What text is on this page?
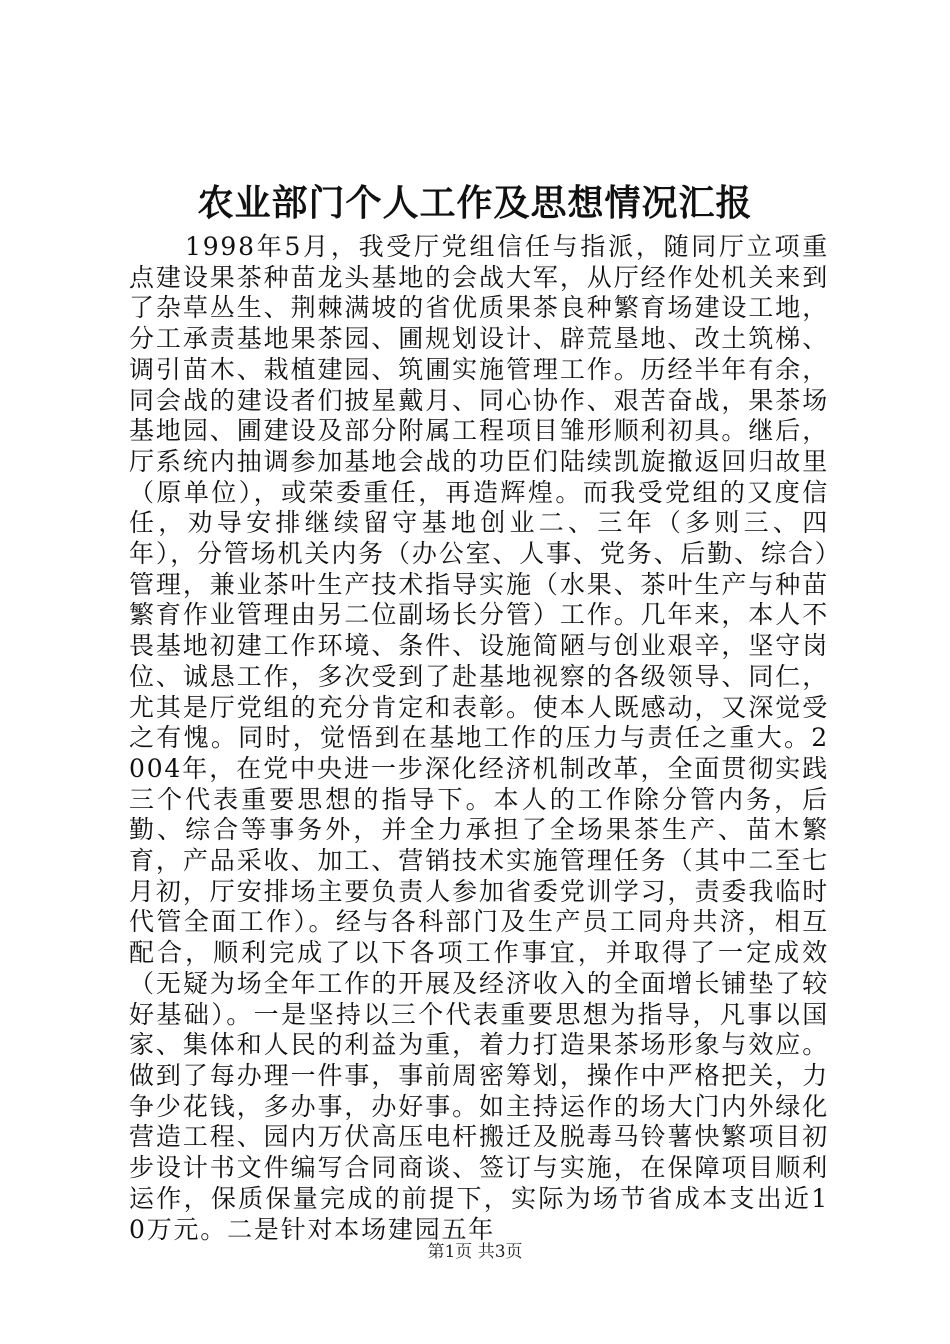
农业部门个人工作及思想情况汇报

1998年5月，我受厅党组信任与指派，随同厅立项重点建设果茶种苗龙头基地的会战大军，从厅经作处机关来到了杂草丛生、荆棘满坡的省优质果茶良种繁育场建设工地，分工承责基地果茶园、圃规划设计、辟荒垦地、改土筑梯、调引苗木、栽植建园、筑圃实施管理工作。历经半年有余，同会战的建设者们披星戴月、同心协作、艰苦奋战，果茶场基地园、圃建设及部分附属工程项目雏形顺利初具。继后，厅系统内抽调参加基地会战的功臣们陆续凯旋撤返回归故里（原单位），或荣委重任，再造辉煌。而我受党组的又度信任，劝导安排继续留守基地创业二、三年（多则三、四年），分管场机关内务（办公室、人事、党务、后勤、综合）管理，兼业茶叶生产技术指导实施（水果、茶叶生产与种苗繁育作业管理由另二位副场长分管）工作。几年来，本人不畏基地初建工作环境、条件、设施简陋与创业艰辛，坚守岗位、诚恳工作，多次受到了赴基地视察的各级领导、同仁，尤其是厅党组的充分肯定和表彰。使本人既感动，又深觉受之有愧。同时，觉悟到在基地工作的压力与责任之重大。2004年，在党中央进一步深化经济机制改革，全面贯彻实践三个代表重要思想的指导下。本人的工作除分管内务，后勤、综合等事务外，并全力承担了全场果茶生产、苗木繁育，产品采收、加工、营销技术实施管理任务（其中二至七月初，厅安排场主要负责人参加省委党训学习，责委我临时代管全面工作）。经与各科部门及生产员工同舟共济，相互配合，顺利完成了以下各项工作事宜，并取得了一定成效（无疑为场全年工作的开展及经济收入的全面增长铺垫了较好基础）。一是坚持以三个代表重要思想为指导，凡事以国家、集体和人民的利益为重，着力打造果茶场形象与效应。做到了每办理一件事，事前周密筹划，操作中严格把关，力争少花钱，多办事，办好事。如主持运作的场大门内外绿化营造工程、园内万伏高压电杆搬迁及脱毒马铃薯快繁项目初步设计书文件编写合同商谈、签订与实施，在保障项目顺利运作，保质保量完成的前提下，实际为场节省成本支出近10万元。二是针对本场建园五年

第1页 共3页
